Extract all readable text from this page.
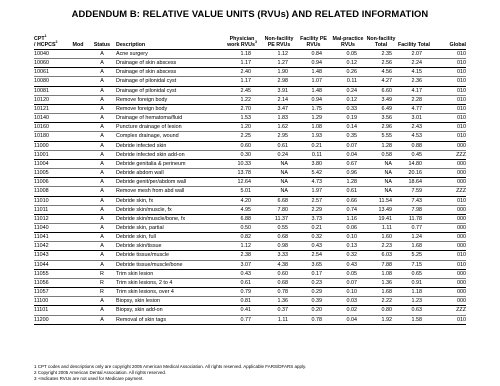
ADDENDUM B: RELATIVE VALUE UNITS (RVUs) AND RELATED INFORMATION
CPT$^1$
/ HCPCS$^2$	Mod	Status	Description	Physician work RVUs$^3$	Non-facility PE RVUs	Facility PE RVUs	Mal-practice RVUs	Non-facility Total	Facility Total	Global
10040		A	Acne surgery	1.18	1.12	0.84	0.05	2.35	2.07	010
10060		A	Drainage of skin abscess	1.17	1.27	0.94	0.12	2.56	2.24	010
10061		A	Drainage of skin abscess	2.40	1.90	1.48	0.26	4.56	4.15	010
10080		A	Drainage of pilonidal cyst	1.17	2.98	1.07	0.11	4.27	2.36	010
10081		A	Drainage of pilonidal cyst	2.45	3.91	1.48	0.24	6.60	4.17	010
10120		A	Remove foreign body	1.22	2.14	0.94	0.12	3.49	2.28	010
10121		A	Remove foreign body	2.70	3.47	1.75	0.33	6.49	4.77	010
10140		A	Drainage of hematoma/fluid	1.53	1.83	1.29	0.19	3.56	3.01	010
10160		A	Puncture drainage of lesion	1.20	1.62	1.08	0.14	2.96	2.43	010
10180		A	Complex drainage, wound	2.25	2.95	1.93	0.35	5.55	4.53	010
11000		A	Debride infected skin	0.60	0.61	0.21	0.07	1.28	0.88	000
11001		A	Debride infected skin add-on	0.30	0.24	0.11	0.04	0.58	0.45	ZZZ
11004		A	Debride genitalia & perineum	10.33	NA	3.80	0.67	NA	14.80	000
11005		A	Debride abdom wall	13.78	NA	5.42	0.96	NA	20.16	000
11006		A	Debride genit/per/abdom wall	12.64	NA	4.73	1.28	NA	18.64	000
11008		A	Remove mesh from abd wall	5.01	NA	1.97	0.61	NA	7.59	ZZZ
11010		A	Debride skin, fx	4.20	6.68	2.57	0.66	11.54	7.43	010
11011		A	Debride skin/muscle, fx	4.95	7.80	2.29	0.74	13.49	7.98	000
11012		A	Debride skin/muscle/bone, fx	6.88	11.37	3.73	1.16	19.41	11.78	000
11040		A	Debride skin, partial	0.50	0.55	0.21	0.06	1.11	0.77	000
11041		A	Debride skin, full	0.82	0.68	0.32	0.10	1.60	1.24	000
11042		A	Debride skin/tissue	1.12	0.98	0.43	0.13	2.23	1.68	000
11043		A	Debride tissue/muscle	2.38	3.33	2.54	0.32	6.03	5.25	010
11044		A	Debride tissue/muscle/bone	3.07	4.38	3.65	0.43	7.88	7.15	010
11055		R	Trim skin lesion	0.43	0.60	0.17	0.05	1.08	0.65	000
11056		R	Trim skin lesions, 2 to 4	0.61	0.68	0.23	0.07	1.36	0.91	000
11057		R	Trim skin lesions, over 4	0.79	0.78	0.29	0.10	1.68	1.18	000
11100		A	Biopsy, skin lesion	0.81	1.36	0.39	0.03	2.22	1.23	000
11101		A	Biopsy, skin add-on	0.41	0.37	0.20	0.02	0.80	0.63	ZZZ
11200		A	Removal of skin tags	0.77	1.11	0.78	0.04	1.92	1.58	010
1 CPT codes and descriptions only are copyright 2005 American Medical Association. All rights reserved. Applicable FARS/DFARS apply.
2 Copyright 2005 American Dental Association. All rights reserved.
3 +Indicates RVUs are not used for Medicare payment.
